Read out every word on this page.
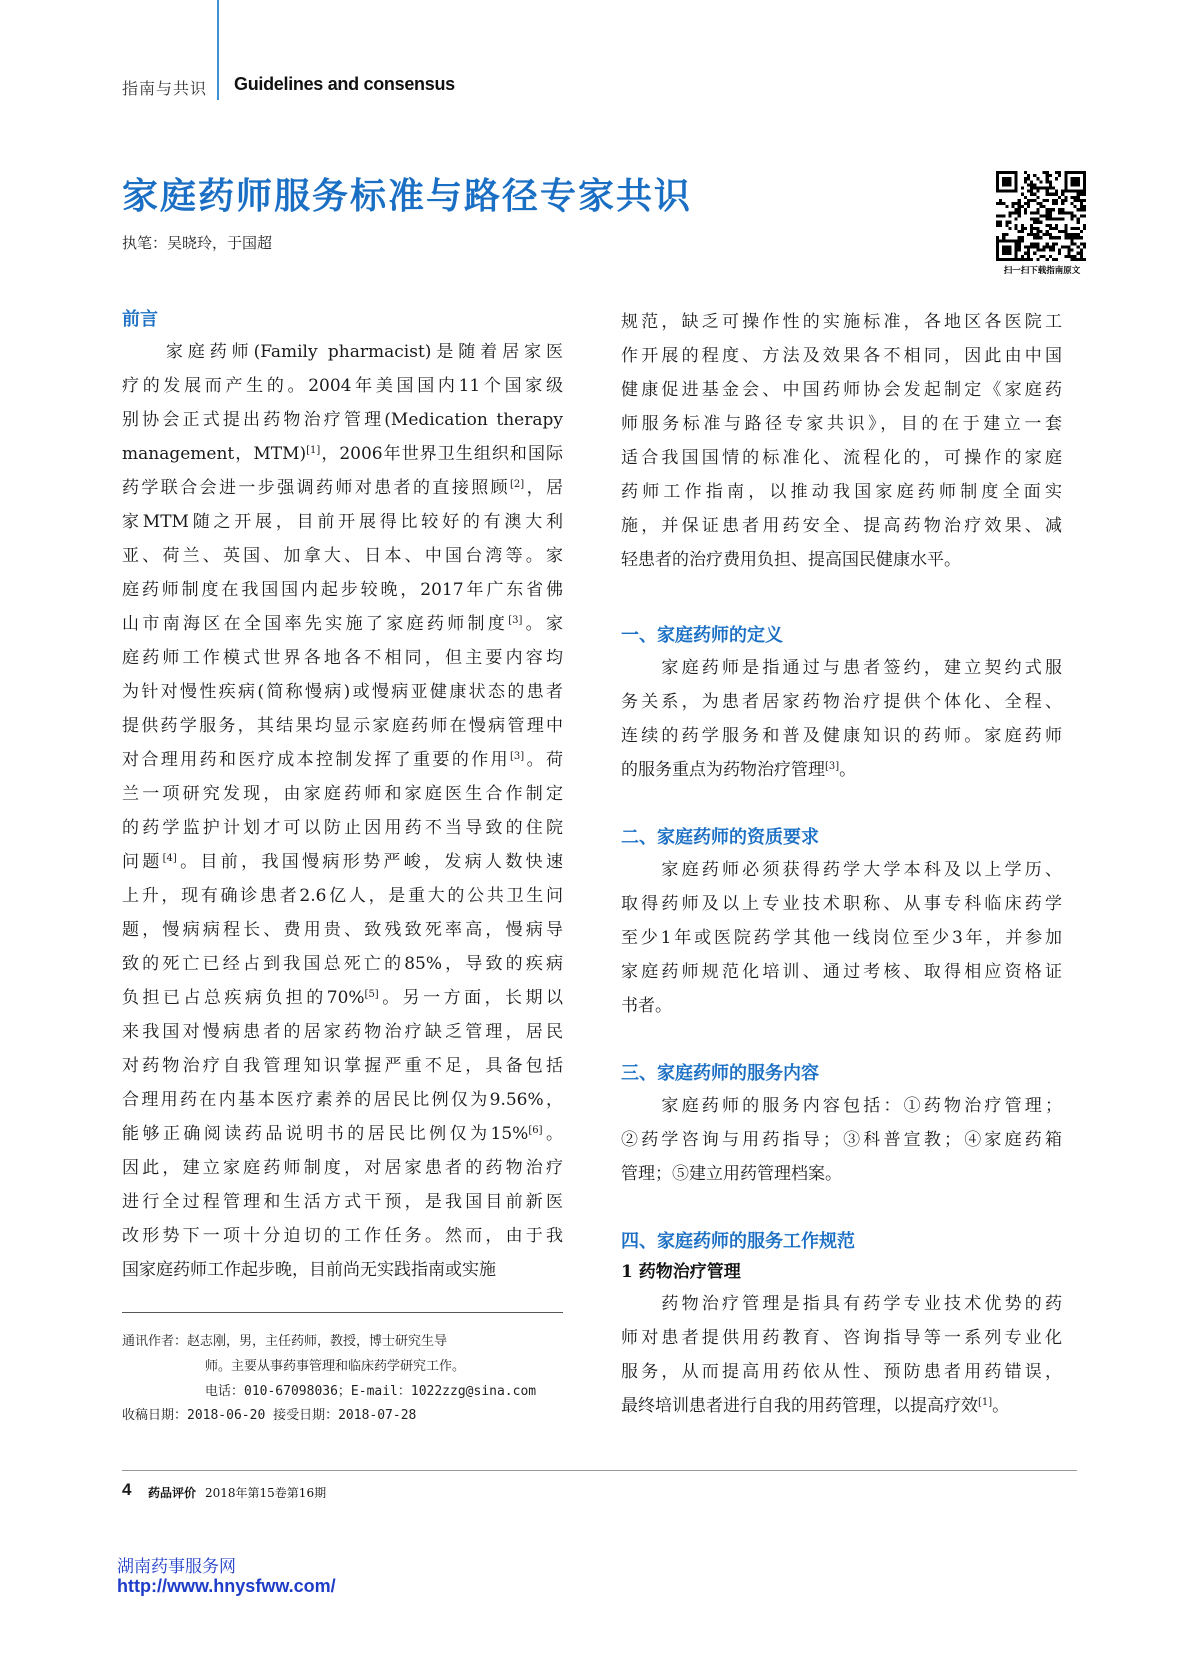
指南与共识 Guidelines and consensus
家庭药师服务标准与路径专家共识
执笔：吴晓玲，于国超
扫一扫下载指南原文
前言
　　家庭药师(Family pharmacist)是随着居家医
疗的发展而产生的。2004年美国国内11个国家级
别协会正式提出药物治疗管理(Medication therapy
management，MTM)[1]，2006年世界卫生组织和国际
药学联合会进一步强调药师对患者的直接照顾[2]，居
家MTM随之开展，目前开展得比较好的有澳大利
亚、荷兰、英国、加拿大、日本、中国台湾等。家
庭药师制度在我国国内起步较晚，2017年广东省佛
山市南海区在全国率先实施了家庭药师制度[3]。家
庭药师工作模式世界各地各不相同，但主要内容均
为针对慢性疾病(简称慢病)或慢病亚健康状态的患者
提供药学服务，其结果均显示家庭药师在慢病管理中
对合理用药和医疗成本控制发挥了重要的作用[3]。荷
兰一项研究发现，由家庭药师和家庭医生合作制定
的药学监护计划才可以防止因用药不当导致的住院
问题[4]。目前，我国慢病形势严峻，发病人数快速
上升，现有确诊患者2.6亿人，是重大的公共卫生问
题，慢病病程长、费用贵、致残致死率高，慢病导
致的死亡已经占到我国总死亡的85%，导致的疾病
负担已占总疾病负担的70%[5]。另一方面，长期以
来我国对慢病患者的居家药物治疗缺乏管理，居民
对药物治疗自我管理知识掌握严重不足，具备包括
合理用药在内基本医疗素养的居民比例仅为9.56%，
能够正确阅读药品说明书的居民比例仅为15%[6]。
因此，建立家庭药师制度，对居家患者的药物治疗
进行全过程管理和生活方式干预，是我国目前新医
改形势下一项十分迫切的工作任务。然而，由于我
国家庭药师工作起步晚，目前尚无实践指南或实施
规范，缺乏可操作性的实施标准，各地区各医院工
作开展的程度、方法及效果各不相同，因此由中国
健康促进基金会、中国药师协会发起制定《家庭药
师服务标准与路径专家共识》，目的在于建立一套
适合我国国情的标准化、流程化的，可操作的家庭
药师工作指南，以推动我国家庭药师制度全面实
施，并保证患者用药安全、提高药物治疗效果、减
轻患者的治疗费用负担、提高国民健康水平。
一、家庭药师的定义
　　家庭药师是指通过与患者签约，建立契约式服
务关系，为患者居家药物治疗提供个体化、全程、
连续的药学服务和普及健康知识的药师。家庭药师
的服务重点为药物治疗管理[3]。
二、家庭药师的资质要求
　　家庭药师必须获得药学大学本科及以上学历、
取得药师及以上专业技术职称、从事专科临床药学
至少1年或医院药学其他一线岗位至少3年，并参加
家庭药师规范化培训、通过考核、取得相应资格证
书者。
三、家庭药师的服务内容
　　家庭药师的服务内容包括：①药物治疗管理；
②药学咨询与用药指导；③科普宣教；④家庭药箱
管理；⑤建立用药管理档案。
四、家庭药师的服务工作规范
1 药物治疗管理
　　药物治疗管理是指具有药学专业技术优势的药
师对患者提供用药教育、咨询指导等一系列专业化
服务，从而提高用药依从性、预防患者用药错误，
最终培训患者进行自我的用药管理，以提高疗效[1]。
通讯作者：赵志刚，男，主任药师，教授，博士研究生导
师。主要从事药事管理和临床药学研究工作。
电话：010-67098036；E-mail：1022zzg@sina.com
收稿日期：2018-06-20 接受日期：2018-07-28
4 药品评价 2018年第15卷第16期
湖南药事服务网
http://www.hnysfww.com/
